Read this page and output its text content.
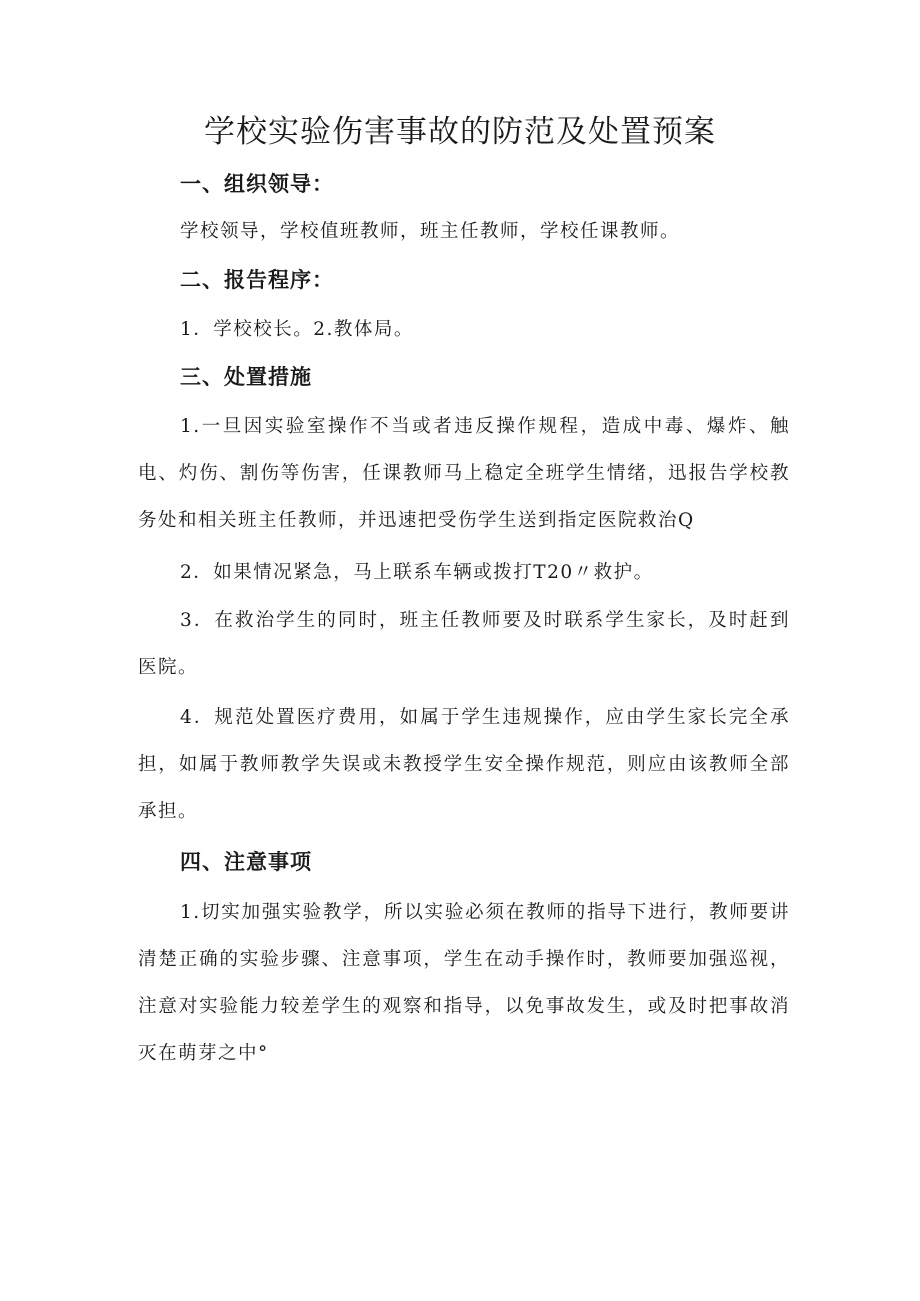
学校实验伤害事故的防范及处置预案
一、组织领导：

学校领导，学校值班教师，班主任教师，学校任课教师。

二、报告程序：

1．学校校长。2.教体局。

三、处置措施

1.一旦因实验室操作不当或者违反操作规程，造成中毒、爆炸、触电、灼伤、割伤等伤害，任课教师马上稳定全班学生情绪，迅报告学校教务处和相关班主任教师，并迅速把受伤学生送到指定医院救治Q

2．如果情况紧急，马上联系车辆或拨打T20〃救护。

3．在救治学生的同时，班主任教师要及时联系学生家长，及时赶到医院。

4．规范处置医疗费用，如属于学生违规操作，应由学生家长完全承担，如属于教师教学失误或未教授学生安全操作规范，则应由该教师全部承担。

四、注意事项

1.切实加强实验教学，所以实验必须在教师的指导下进行，教师要讲清楚正确的实验步骤、注意事项，学生在动手操作时，教师要加强巡视，注意对实验能力较差学生的观察和指导，以免事故发生，或及时把事故消灭在萌芽之中°
